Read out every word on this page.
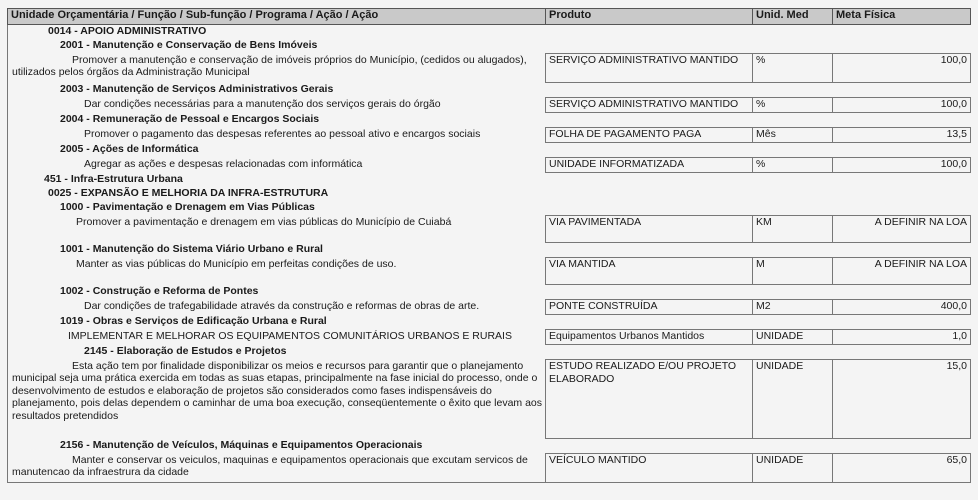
Unidade Orçamentária / Função / Sub-função / Programa / Ação / Ação	Produto	Unid. Med	Meta Física
0014 - APOIO ADMINISTRATIVO			
2001 - Manutenção e Conservação de Bens Imóveis			
Promover a manutenção e conservação de imóveis próprios do Município, (cedidos ou alugados), utilizados pelos órgãos da Administração Municipal	SERVIÇO ADMINISTRATIVO MANTIDO	%	100,0
2003 - Manutenção de Serviços Administrativos Gerais			
Dar condições necessárias para a manutenção dos serviços gerais do órgão	SERVIÇO ADMINISTRATIVO MANTIDO	%	100,0
2004 - Remuneração de Pessoal e Encargos Sociais			
Promover o pagamento das despesas referentes ao pessoal ativo e encargos sociais	FOLHA DE PAGAMENTO PAGA	Mês	13,5
2005 - Ações de Informática			
Agregar as ações e despesas relacionadas com informática	UNIDADE INFORMATIZADA	%	100,0
451 - Infra-Estrutura Urbana			
0025 - EXPANSÃO E MELHORIA DA INFRA-ESTRUTURA			
1000 - Pavimentação e Drenagem em Vias Públicas			
Promover a pavimentação e drenagem em vias públicas do Município de Cuiabá	VIA PAVIMENTADA	KM	A DEFINIR NA LOA
1001 - Manutenção do Sistema Viário Urbano e Rural			
Manter as vias públicas do Município em perfeitas condições de uso.	VIA MANTIDA	M	A DEFINIR NA LOA
1002 - Construção e Reforma de Pontes			
Dar condições de trafegabilidade através da construção e reformas de obras de arte.	PONTE CONSTRUÍDA	M2	400,0
1019 - Obras e Serviços de Edificação Urbana e Rural			
IMPLEMENTAR E MELHORAR OS EQUIPAMENTOS COMUNITÁRIOS URBANOS E RURAIS	Equipamentos Urbanos Mantidos	UNIDADE	1,0
2145 - Elaboração de Estudos e Projetos			
Esta ação tem por finalidade disponibilizar os meios e recursos para garantir que o planejamento municipal seja uma prática exercida em todas as suas etapas, principalmente na fase inicial do processo, onde o desenvolvimento de estudos e elaboração de projetos são considerados como fases indispensáveis do planejamento, pois delas dependem o caminhar de uma boa execução, conseqüentemente o êxito que levam aos resultados pretendidos	ESTUDO REALIZADO E/OU PROJETO ELABORADO	UNIDADE	15,0
2156 - Manutenção de Veículos, Máquinas e Equipamentos Operacionais			
Manter e conservar os veiculos, maquinas e equipamentos operacionais que excutam servicos de manutencao da infraestrura da cidade	VEÍCULO MANTIDO	UNIDADE	65,0
